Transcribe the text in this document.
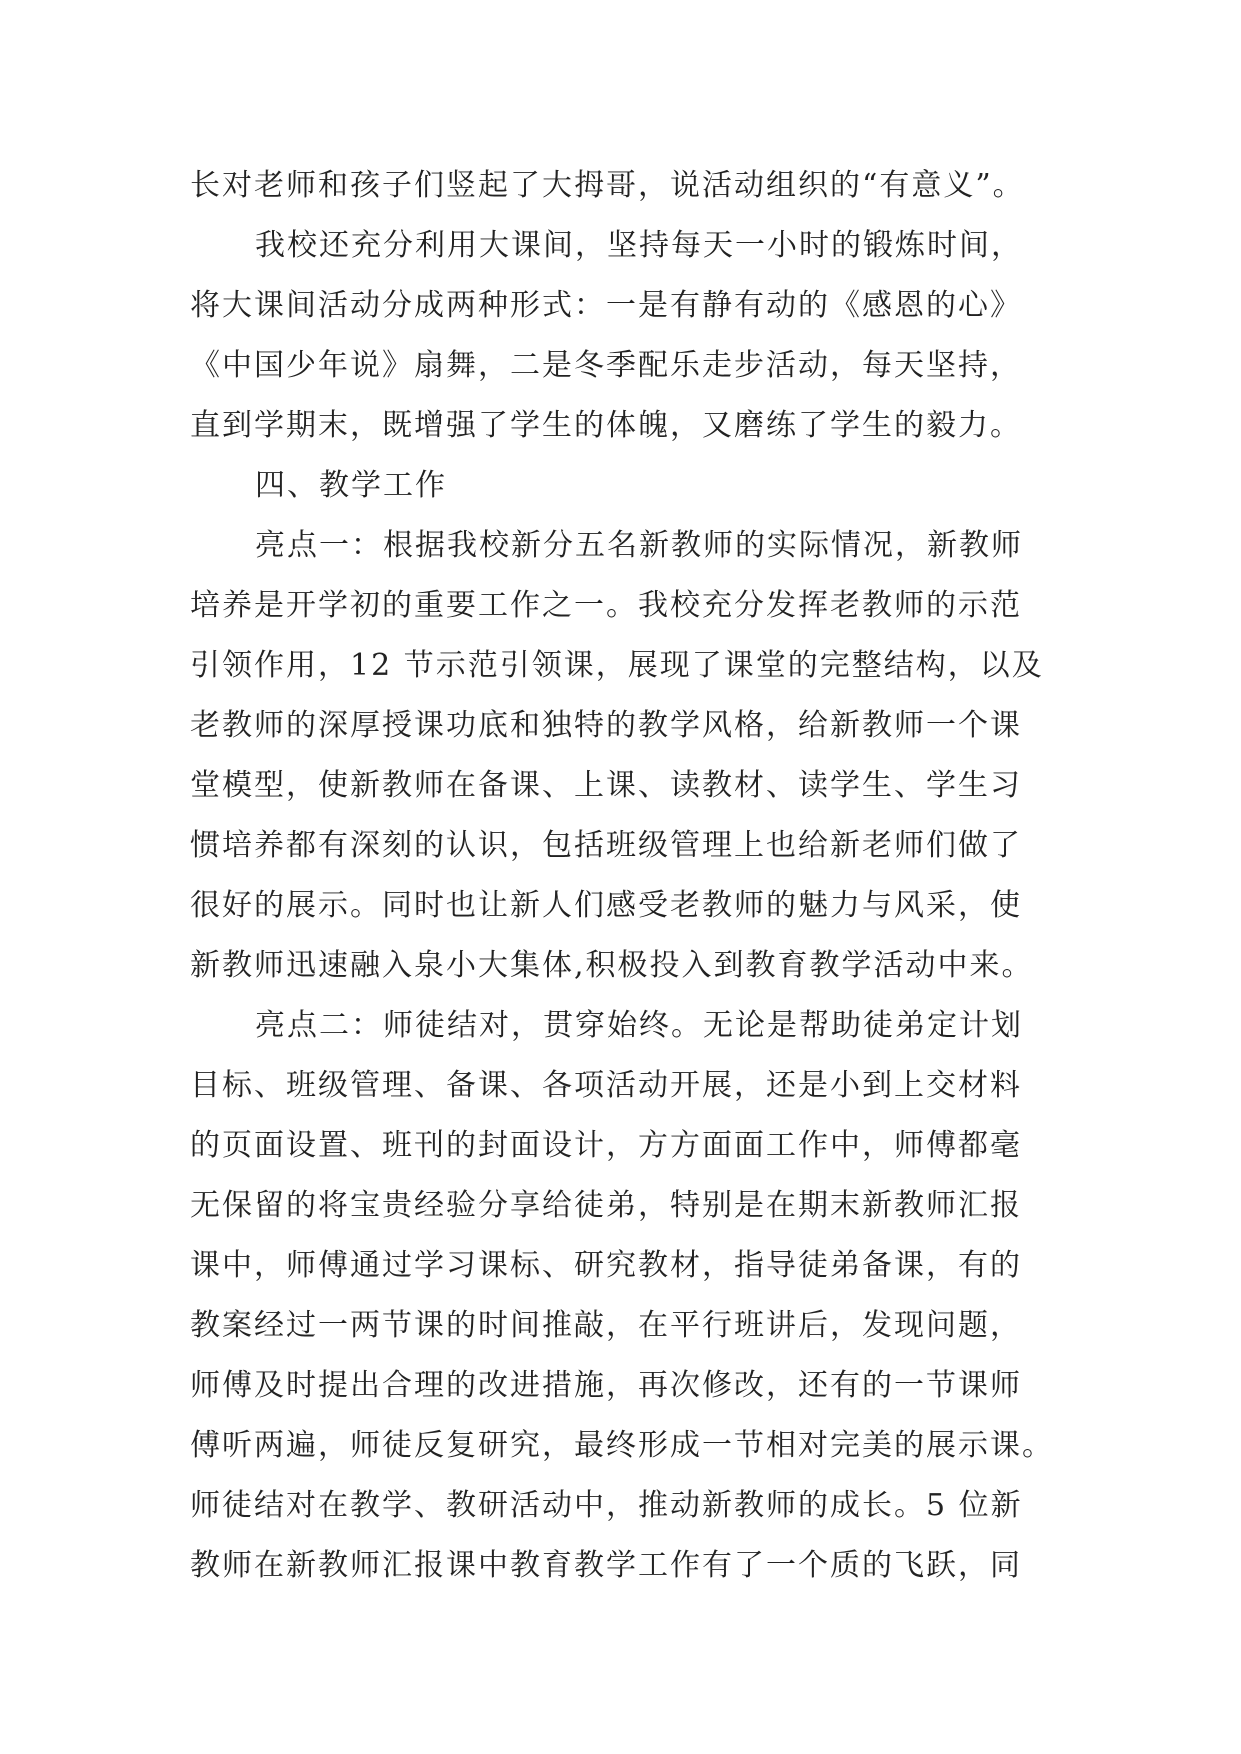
长对老师和孩子们竖起了大拇哥，说活动组织的“有意义”。
我校还充分利用大课间，坚持每天一小时的锻炼时间，
将大课间活动分成两种形式：一是有静有动的《感恩的心》
《中国少年说》扇舞，二是冬季配乐走步活动，每天坚持，
直到学期末，既增强了学生的体魄，又磨练了学生的毅力。
四、教学工作
亮点一：根据我校新分五名新教师的实际情况，新教师
培养是开学初的重要工作之一。我校充分发挥老教师的示范
引领作用，12 节示范引领课，展现了课堂的完整结构，以及
老教师的深厚授课功底和独特的教学风格，给新教师一个课
堂模型，使新教师在备课、上课、读教材、读学生、学生习
惯培养都有深刻的认识，包括班级管理上也给新老师们做了
很好的展示。同时也让新人们感受老教师的魅力与风采，使
新教师迅速融入泉小大集体,积极投入到教育教学活动中来。
亮点二：师徒结对，贯穿始终。无论是帮助徒弟定计划
目标、班级管理、备课、各项活动开展，还是小到上交材料
的页面设置、班刊的封面设计，方方面面工作中，师傅都毫
无保留的将宝贵经验分享给徒弟，特别是在期末新教师汇报
课中，师傅通过学习课标、研究教材，指导徒弟备课，有的
教案经过一两节课的时间推敲，在平行班讲后，发现问题，
师傅及时提出合理的改进措施，再次修改，还有的一节课师
傅听两遍，师徒反复研究，最终形成一节相对完美的展示课。
师徒结对在教学、教研活动中，推动新教师的成长。5 位新
教师在新教师汇报课中教育教学工作有了一个质的飞跃，同
